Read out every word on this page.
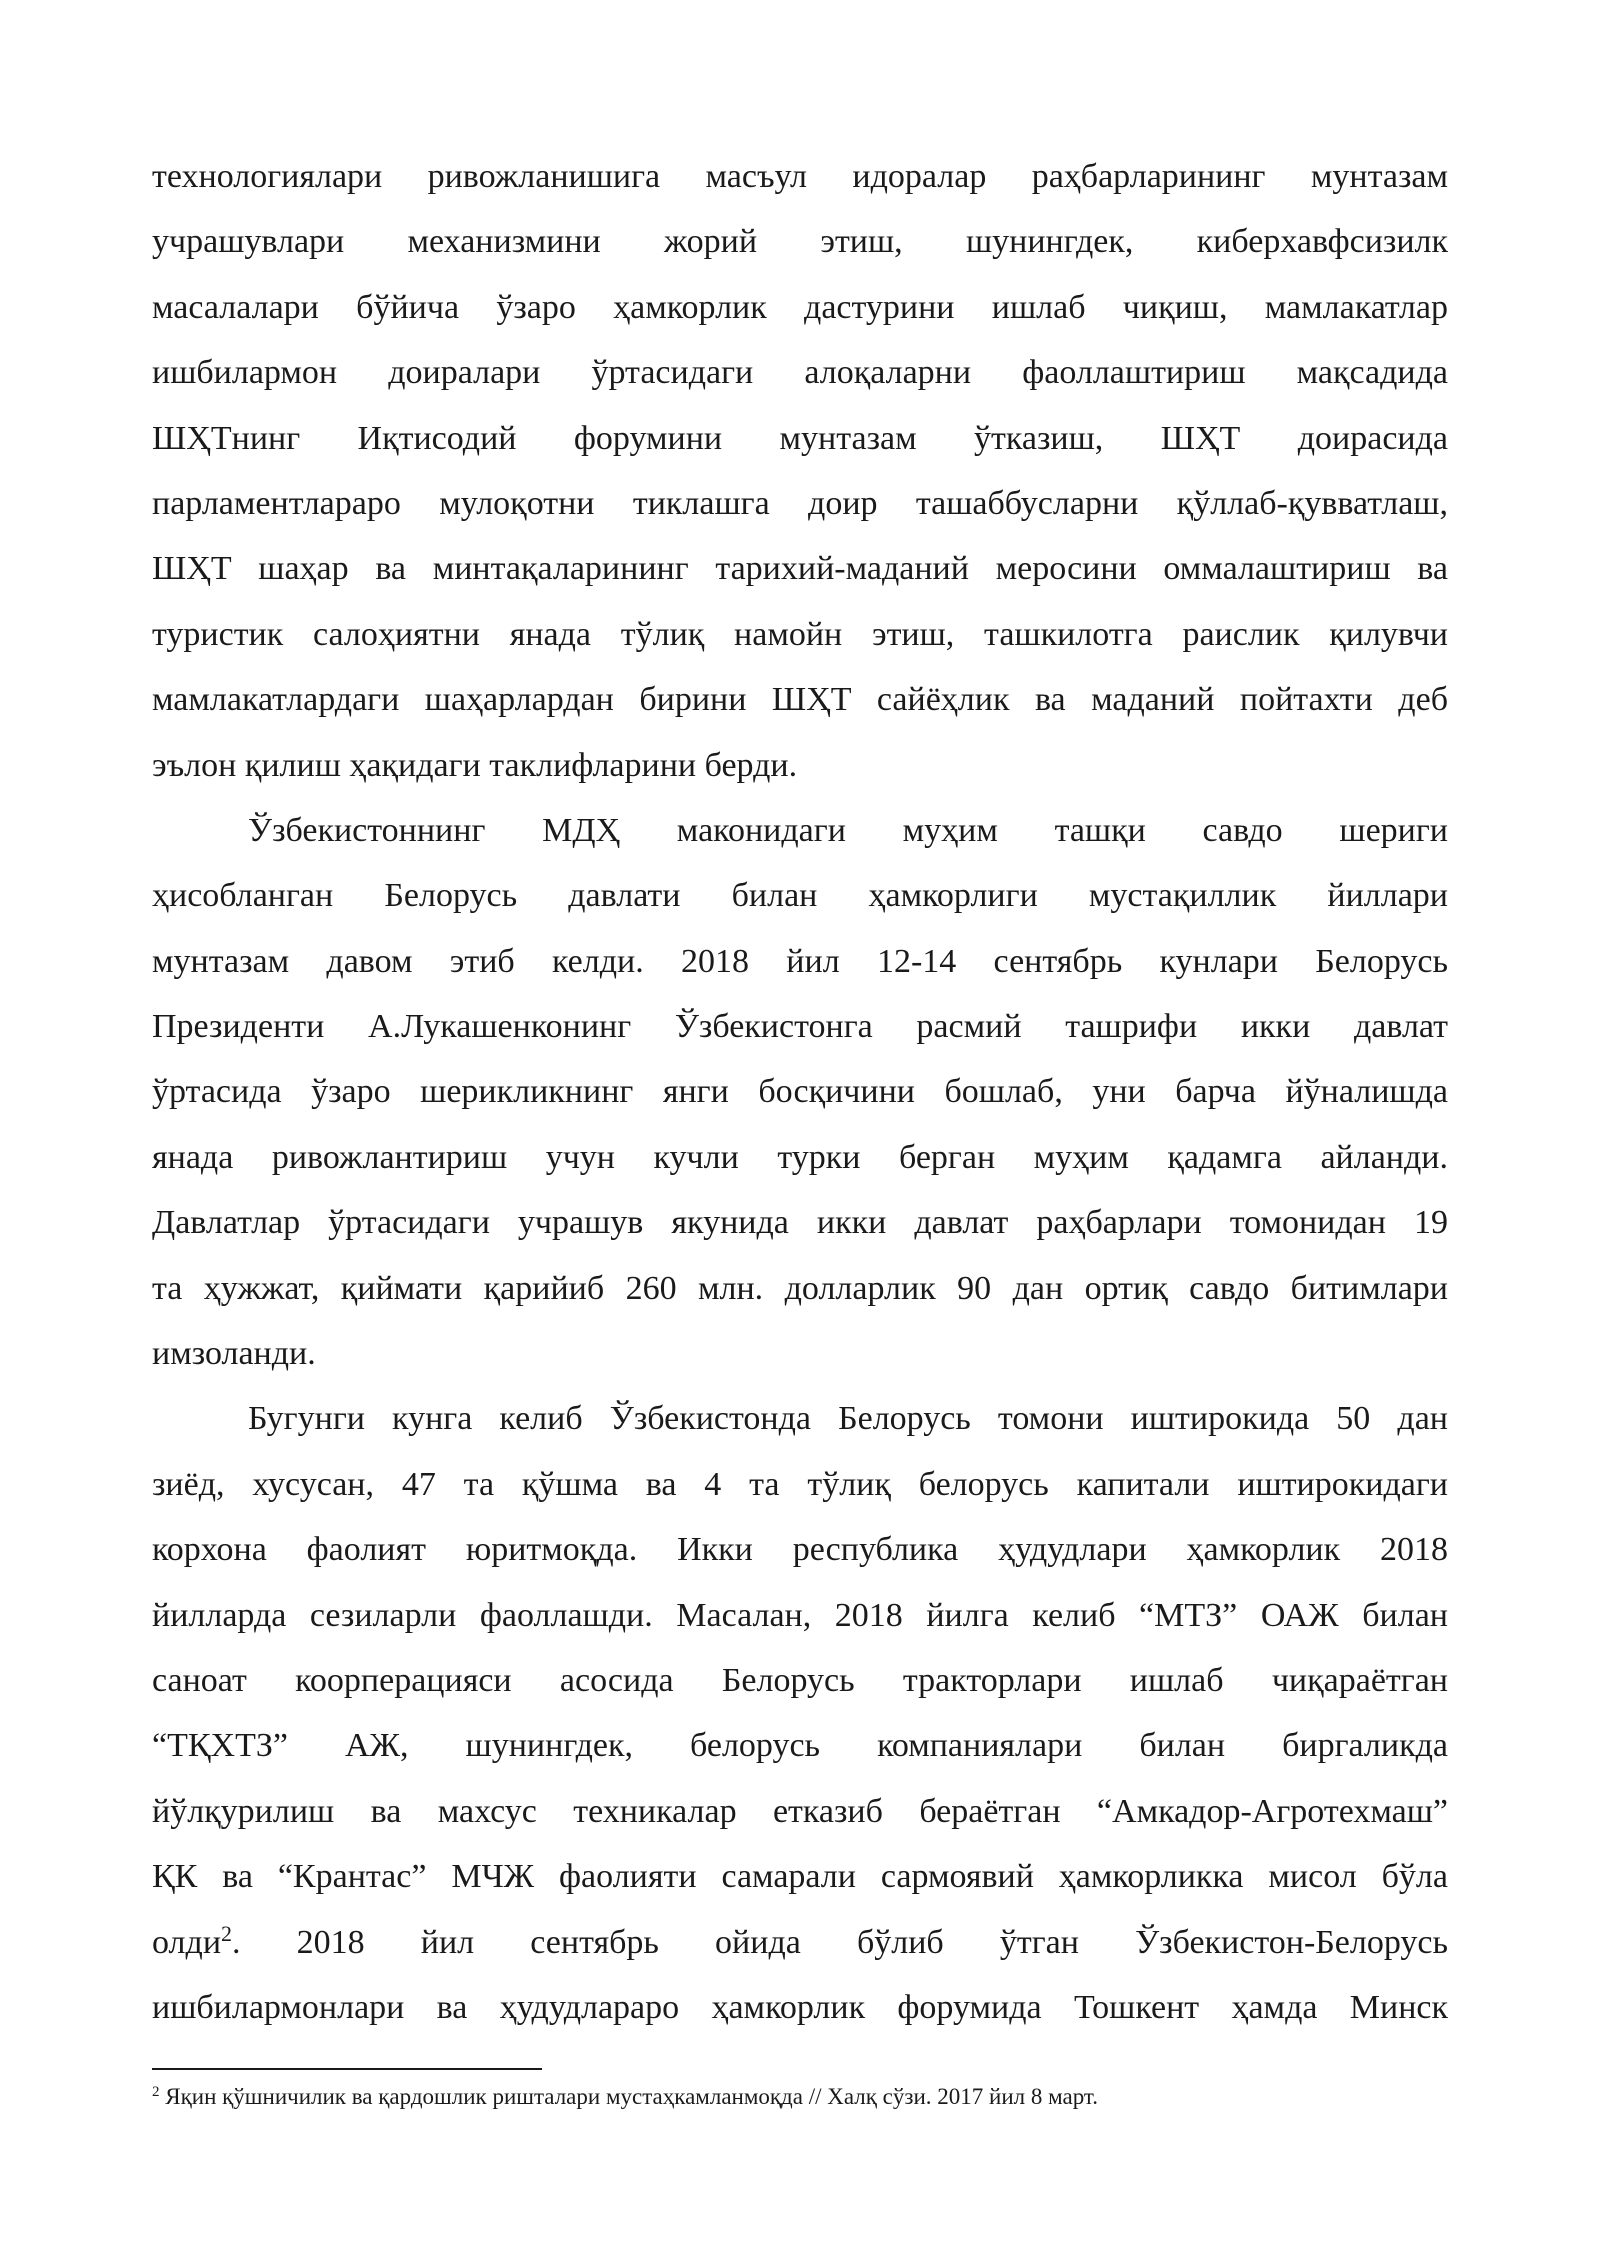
технологиялари ривожланишига масъул идоралар раҳбарларининг мунтазам
учрашувлари механизмини жорий этиш, шунингдек, киберхавфсизилк
масалалари бўйича ўзаро ҳамкорлик дастурини ишлаб чиқиш, мамлакатлар
ишбилармон доиралари ўртасидаги алоқаларни фаоллаштириш мақсадида
ШҲТнинг Иқтисодий форумини мунтазам ўтказиш, ШҲТ доирасида
парламентлараро мулоқотни тиклашга доир ташаббусларни қўллаб-қувватлаш,
ШҲТ шаҳар ва минтақаларининг тарихий-маданий меросини оммалаштириш ва
туристик салоҳиятни янада тўлиқ намойн этиш, ташкилотга раислик қилувчи
мамлакатлардаги шаҳарлардан бирини ШҲТ сайёҳлик ва маданий пойтахти деб
эълон қилиш ҳақидаги таклифларини берди.
Ўзбекистоннинг МДҲ маконидаги муҳим ташқи савдо шериги
ҳисобланган Белорусь давлати билан ҳамкорлиги мустақиллик йиллари
мунтазам давом этиб келди. 2018 йил 12-14 сентябрь кунлари Белорусь
Президенти А.Лукашенконинг Ўзбекистонга расмий ташрифи икки давлат
ўртасида ўзаро шерикликнинг янги босқичини бошлаб, уни барча йўналишда
янада ривожлантириш учун кучли турки берган муҳим қадамга айланди.
Давлатлар ўртасидаги учрашув якунида икки давлат раҳбарлари томонидан 19
та ҳужжат, қиймати қарийиб 260 млн. долларлик 90 дан ортиқ савдо битимлари
имзоланди.
Бугунги кунга келиб Ўзбекистонда Белорусь томони иштирокида 50 дан
зиёд, хусусан, 47 та қўшма ва 4 та тўлиқ белорусь капитали иштирокидаги
корхона фаолият юритмоқда. Икки республика ҳудудлари ҳамкорлик 2018
йилларда сезиларли фаоллашди. Масалан, 2018 йилга келиб “МТЗ” ОАЖ билан
саноат коорперацияси асосида Белорусь тракторлари ишлаб чиқараётган
“ТҚХТЗ” АЖ, шунингдек, белорусь компаниялари билан биргаликда
йўлқурилиш ва махсус техникалар етказиб бераётган “Амкадор-Агротехмаш”
ҚК ва “Крантас” МЧЖ фаолияти самарали сармоявий ҳамкорликка мисол бўла
олди$^2$. 2018 йил сентябрь ойида бўлиб ўтган Ўзбекистон-Белорусь
ишбилармонлари ва ҳудудлараро ҳамкорлик форумида Тошкент ҳамда Минск
$^2$ Яқин қўшничилик ва қардошлик ришталари мустаҳкамланмоқда // Халқ сўзи. 2017 йил 8 март.
